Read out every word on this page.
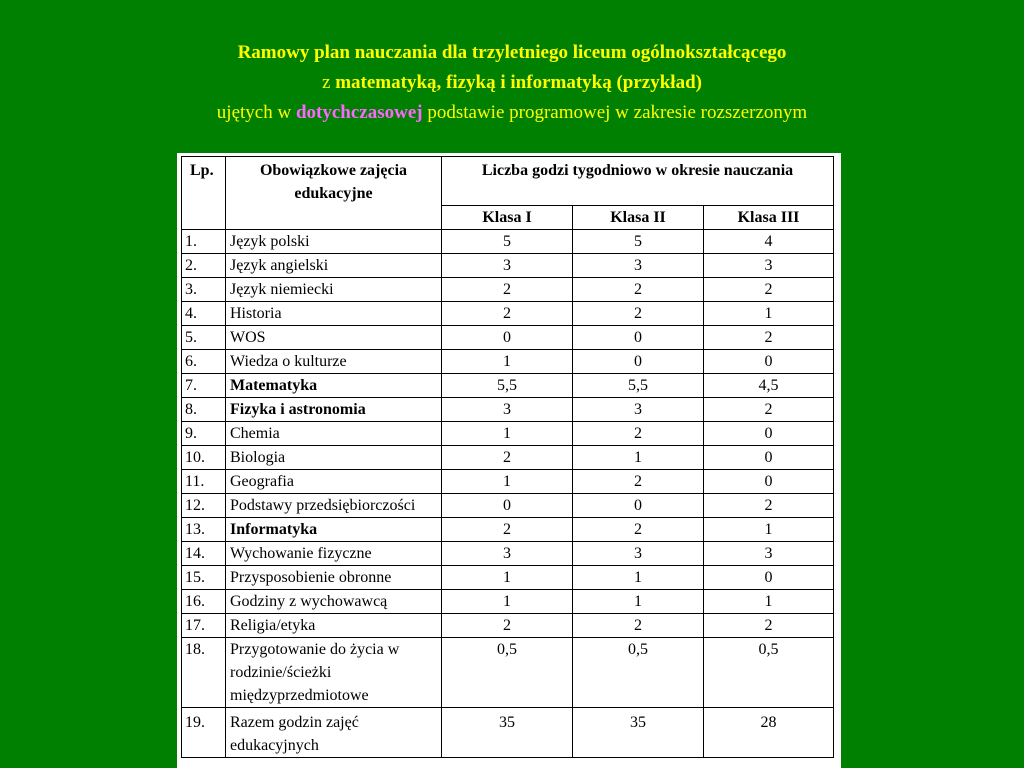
Ramowy plan nauczania dla trzyletniego liceum ogólnokształcącego
z matematyką, fizyką i informatyką (przykład)
ujętych w dotychczasowej podstawie programowej w zakresie rozszerzonym
Lp.	Obowiązkowe zajęcia edukacyjne	Liczba godzi tygodniowo w okresie nauczania		
		Klasa I	Klasa II	Klasa III
1.	Język polski	5	5	4
2.	Język angielski	3	3	3
3.	Język niemiecki	2	2	2
4.	Historia	2	2	1
5.	WOS	0	0	2
6.	Wiedza o kulturze	1	0	0
7.	Matematyka	5,5	5,5	4,5
8.	Fizyka i astronomia	3	3	2
9.	Chemia	1	2	0
10.	Biologia	2	1	0
11.	Geografia	1	2	0
12.	Podstawy przedsiębiorczości	0	0	2
13.	Informatyka	2	2	1
14.	Wychowanie fizyczne	3	3	3
15.	Przysposobienie obronne	1	1	0
16.	Godziny z wychowawcą	1	1	1
17.	Religia/etyka	2	2	2
18.	Przygotowanie do życia w rodzinie/ścieżki międzyprzedmiotowe	0,5	0,5	0,5
19.	Razem godzin zajęć edukacyjnych	35	35	28
